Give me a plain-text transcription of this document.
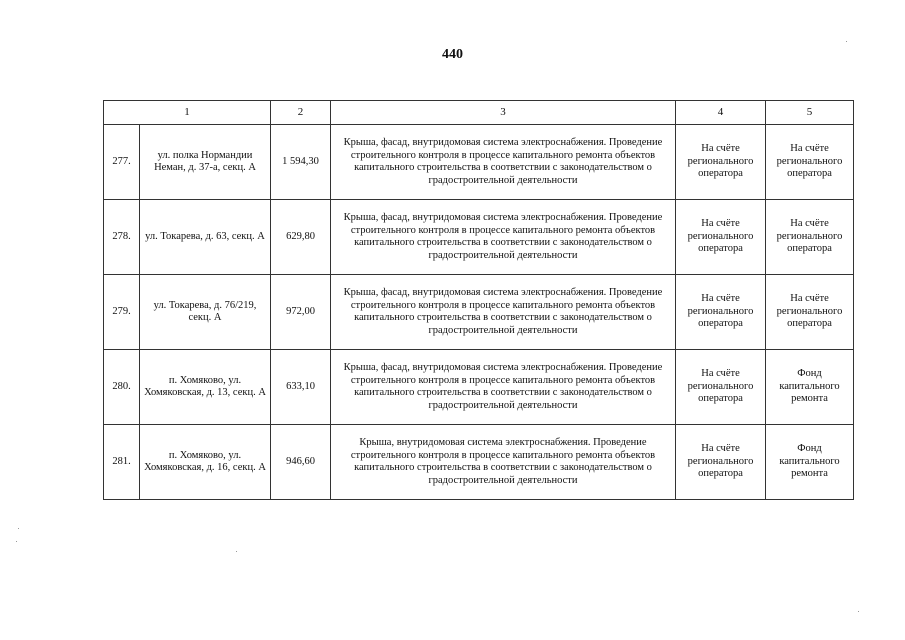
440
1		2	3	4	5
277.	ул. полка Нормандии Неман, д. 37-а, секц. А	1 594,30	Крыша, фасад, внутридомовая система электроснабжения. Проведение строительного контроля в процессе капитального ремонта объектов капитального строительства в соответствии с законодательством о градостроительной деятельности	На счёте регионального оператора	На счёте регионального оператора
278.	ул. Токарева, д. 63, секц. А	629,80	Крыша, фасад, внутридомовая система электроснабжения. Проведение строительного контроля в процессе капитального ремонта объектов капитального строительства в соответствии с законодательством о градостроительной деятельности	На счёте регионального оператора	На счёте регионального оператора
279.	ул. Токарева, д. 76/219, секц. А	972,00	Крыша, фасад, внутридомовая система электроснабжения. Проведение строительного контроля в процессе капитального ремонта объектов капитального строительства в соответствии с законодательством о градостроительной деятельности	На счёте регионального оператора	На счёте регионального оператора
280.	п. Хомяково, ул. Хомяковская, д. 13, секц. А	633,10	Крыша, фасад, внутридомовая система электроснабжения. Проведение строительного контроля в процессе капитального ремонта объектов капитального строительства в соответствии с законодательством о градостроительной деятельности	На счёте регионального оператора	Фонд капитального ремонта
281.	п. Хомяково, ул. Хомяковская, д. 16, секц. А	946,60	Крыша, внутридомовая система электроснабжения. Проведение строительного контроля в процессе капитального ремонта объектов капитального строительства в соответствии с законодательством о градостроительной деятельности	На счёте регионального оператора	Фонд капитального ремонта
